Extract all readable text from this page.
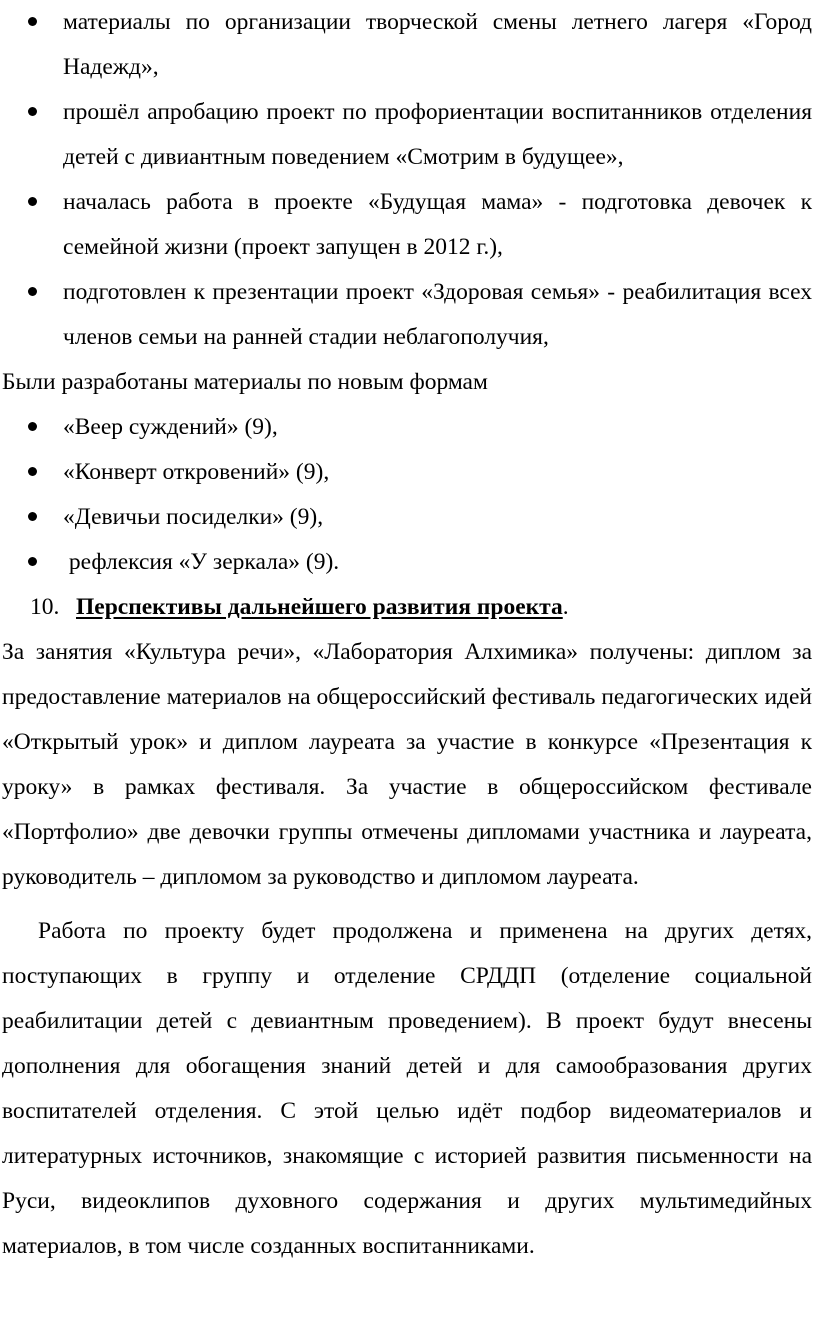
материалы по организации творческой смены летнего лагеря «Город Надежд»,
прошёл апробацию проект по профориентации воспитанников отделения детей с дивиантным поведением «Смотрим в будущее»,
началась работа в проекте «Будущая мама» - подготовка девочек к семейной жизни (проект запущен в 2012 г.),
подготовлен к презентации проект «Здоровая семья» - реабилитация всех членов семьи на ранней стадии неблагополучия,
Были разработаны материалы по новым формам
«Веер суждений» (9),
«Конверт откровений» (9),
«Девичьи посиделки» (9),
рефлексия «У зеркала» (9).
10. Перспективы дальнейшего развития проекта.
За занятия «Культура речи», «Лаборатория Алхимика» получены: диплом за предоставление материалов на общероссийский фестиваль педагогических идей «Открытый урок» и диплом лауреата за участие в конкурсе «Презентация к уроку» в рамках фестиваля. За участие в общероссийском фестивале «Портфолио» две девочки группы отмечены дипломами участника и лауреата, руководитель – дипломом за руководство и дипломом лауреата.
Работа по проекту будет продолжена и применена на других детях, поступающих в группу и отделение СРДДП (отделение социальной реабилитации детей с девиантным проведением). В проект будут внесены дополнения для обогащения знаний детей и для самообразования других воспитателей отделения. С этой целью идёт подбор видеоматериалов и литературных источников, знакомящие с историей развития письменности на Руси, видеоклипов духовного содержания и других мультимедийных материалов, в том числе созданных воспитанниками.
